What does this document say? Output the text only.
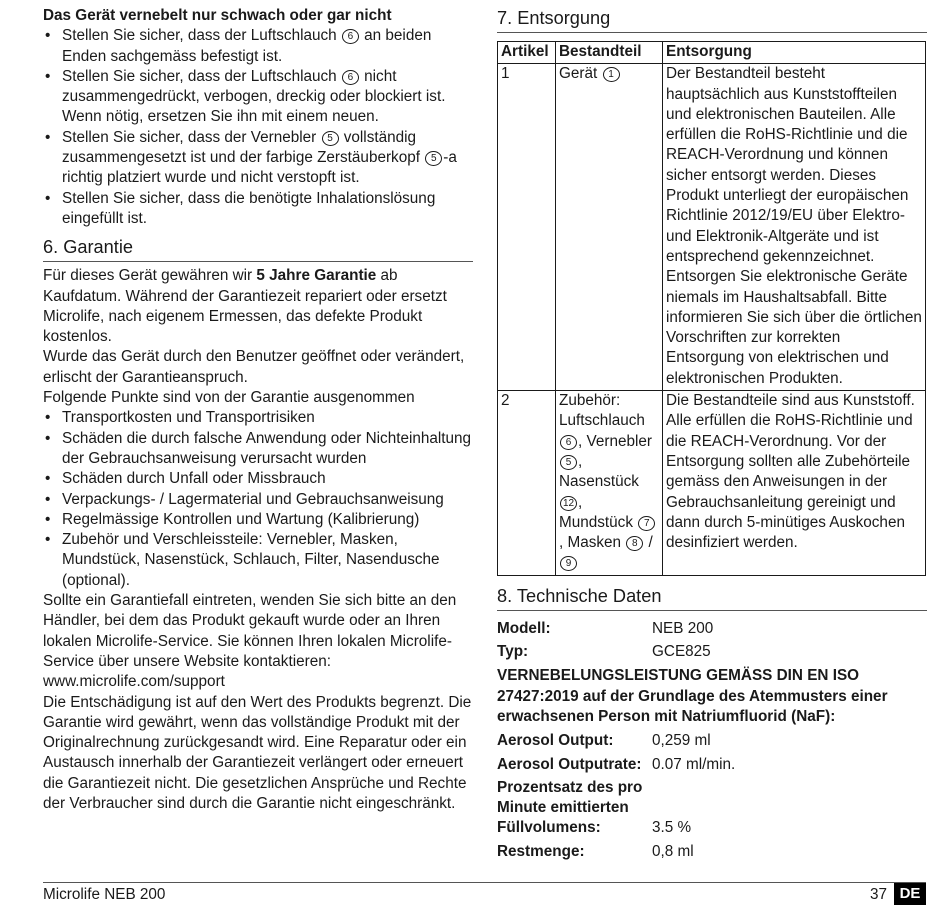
Das Gerät vernebelt nur schwach oder gar nicht
• Stellen Sie sicher, dass der Luftschlauch 6 an beiden Enden sachgemäss befestigt ist.
• Stellen Sie sicher, dass der Luftschlauch 6 nicht zusammengedrückt, verbogen, dreckig oder blockiert ist. Wenn nötig, ersetzen Sie ihn mit einem neuen.
• Stellen Sie sicher, dass der Vernebler 5 vollständig zusammengesetzt ist und der farbige Zerstäuberkopf 5 -a richtig platziert wurde und nicht verstopft ist.
• Stellen Sie sicher, dass die benötigte Inhalationslösung eingefüllt ist.
6. Garantie

Für dieses Gerät gewähren wir 5 Jahre Garantie ab Kaufdatum. Während der Garantiezeit repariert oder ersetzt Microlife, nach eigenem Ermessen, das defekte Produkt kostenlos.

Wurde das Gerät durch den Benutzer geöffnet oder verändert, erlischt der Garantieanspruch.

Folgende Punkte sind von der Garantie ausgenommen

• Transportkosten und Transportrisiken
• Schäden die durch falsche Anwendung oder Nichteinhaltung der Gebrauchsanweisung verursacht wurden
• Schäden durch Unfall oder Missbrauch
• Verpackungs- / Lagermaterial und Gebrauchsanweisung
• Regelmässige Kontrollen und Wartung (Kalibrierung)
• Zubehör und Verschleissteile: Vernebler, Masken, Mundstück, Nasenstück, Schlauch, Filter, Nasendusche (optional).

Sollte ein Garantiefall eintreten, wenden Sie sich bitte an den Händler, bei dem das Produkt gekauft wurde oder an Ihren lokalen Microlife-Service. Sie können Ihren lokalen Microlife-Service über unsere Website kontaktieren: www.microlife.com/support

Die Entschädigung ist auf den Wert des Produkts begrenzt. Die Garantie wird gewährt, wenn das vollständige Produkt mit der Originalrechnung zurückgesandt wird. Eine Reparatur oder ein Austausch innerhalb der Garantiezeit verlängert oder erneuert die Garantiezeit nicht. Die gesetzlichen Ansprüche und Rechte der Verbraucher sind durch die Garantie nicht eingeschränkt.

7. Entsorgung
Artikel	Bestandteil	Entsorgung
1	Gerät 1	Der Bestandteil besteht hauptsächlich aus Kunststoffteilen und elektronischen Bauteilen. Alle erfüllen die RoHS-Richtlinie und die REACH-Verordnung und können sicher entsorgt werden. Dieses Produkt unterliegt der europäischen Richtlinie 2012/19/EU über Elektro- und Elektronik-Altgeräte und ist entsprechend gekennzeichnet. Entsorgen Sie elektronische Geräte niemals im Haushaltsabfall. Bitte informieren Sie sich über die örtlichen Vorschriften zur korrekten Entsorgung von elektrischen und elektronischen Produkten.
2	Zubehör: Luftschlauch 6 , Vernebler 5 , Nasenstück 12 , Mundstück 7, Masken 8 / 9	Die Bestandteile sind aus Kunststoff. Alle erfüllen die RoHS-Richtlinie und die REACH-Verordnung. Vor der Entsorgung sollten alle Zubehörteile gemäss den Anweisungen in der Gebrauchsanleitung gereinigt und dann durch 5-minütiges Auskochen desinfiziert werden.
8. Technische Daten
Modell:	NEB 200
Typ:	GCE825
VERNEBELUNGSLEISTUNG GEMÄSS DIN EN ISO 27427:2019 auf der Grundlage des Atemmusters einer erwachsenen Person mit Natriumfluorid (NaF):
Aerosol Output:	0,259 ml
Aerosol Outputrate: 0.07 ml/min.
Prozentsatz des pro Minute emittierten Füllvolumens:	3.5 %
Restmenge:	0,8 ml
Microlife NEB 200	37 DE
